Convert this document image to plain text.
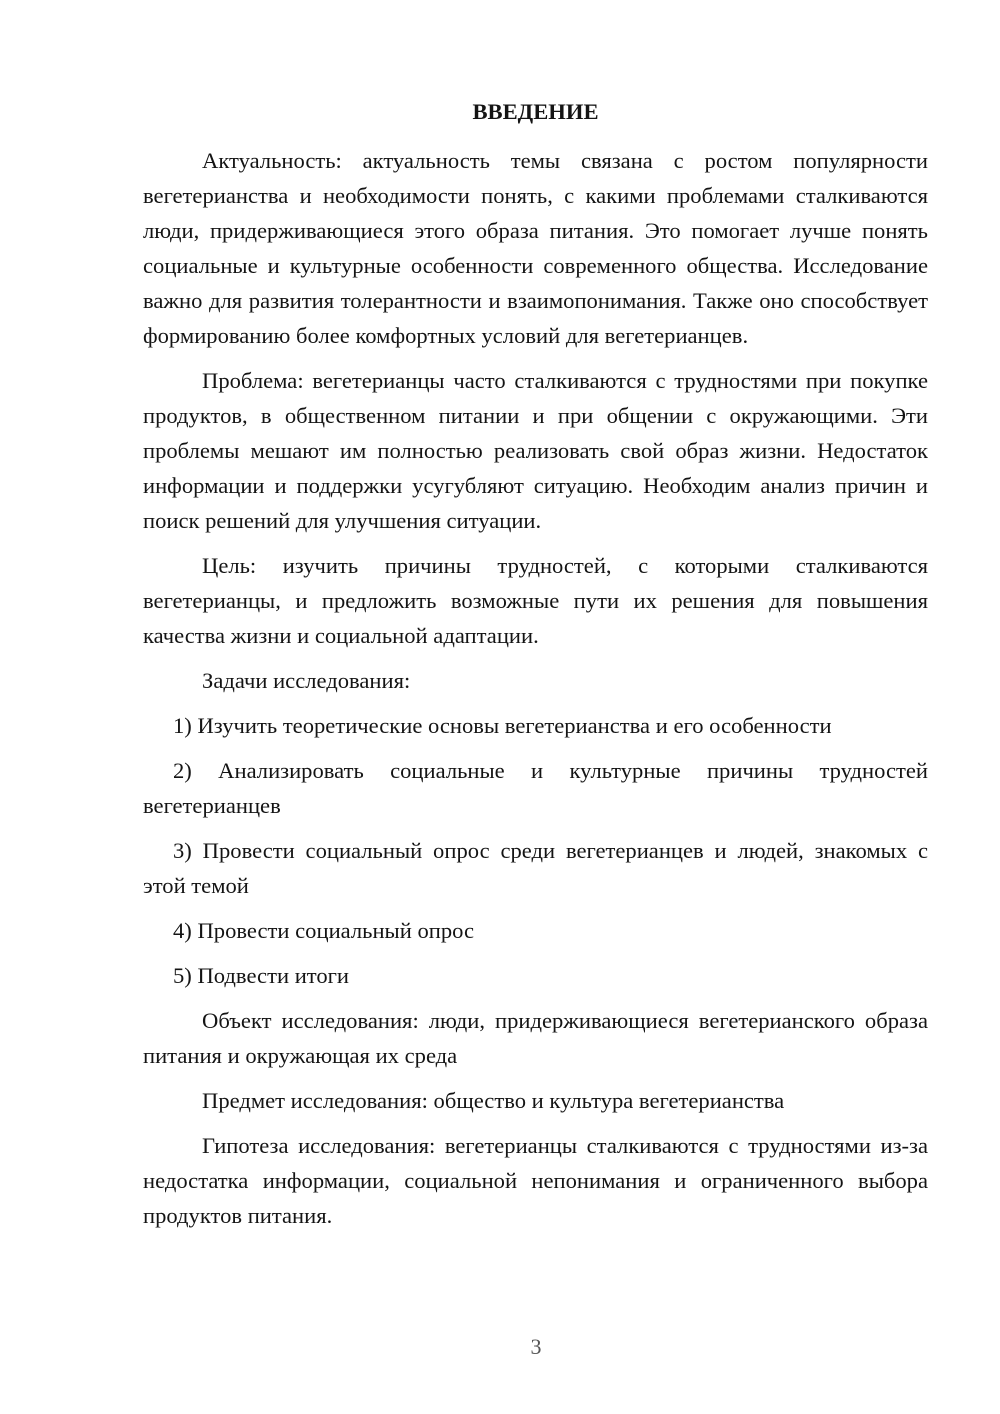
ВВЕДЕНИЕ

Актуальность: актуальность темы связана с ростом популярности вегетерианства и необходимости понять, с какими проблемами сталкиваются люди, придерживающиеся этого образа питания. Это помогает лучше понять социальные и культурные особенности современного общества. Исследование важно для развития толерантности и взаимопонимания. Также оно способствует формированию более комфортных условий для вегетерианцев.

Проблема: вегетерианцы часто сталкиваются с трудностями при покупке продуктов, в общественном питании и при общении с окружающими. Эти проблемы мешают им полностью реализовать свой образ жизни. Недостаток информации и поддержки усугубляют ситуацию. Необходим анализ причин и поиск решений для улучшения ситуации.

Цель: изучить причины трудностей, с которыми сталкиваются вегетерианцы, и предложить возможные пути их решения для повышения качества жизни и социальной адаптации.

Задачи исследования:

1) Изучить теоретические основы вегетерианства и его особенности

2) Анализировать социальные и культурные причины трудностей вегетерианцев

3) Провести социальный опрос среди вегетерианцев и людей, знакомых с этой темой

4) Провести социальный опрос

5) Подвести итоги

Объект исследования: люди, придерживающиеся вегетерианского образа питания и окружающая их среда

Предмет исследования: общество и культура вегетерианства

Гипотеза исследования: вегетерианцы сталкиваются с трудностями из-за недостатка информации, социальной непонимания и ограниченного выбора продуктов питания.

3
